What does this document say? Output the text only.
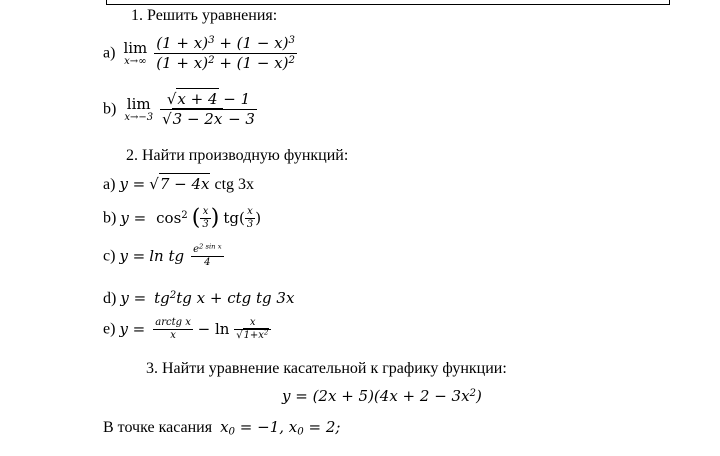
1. Решить уравнения:
a) lim
x→∞
$\frac{(1 + x)^3 + (1 - x)^3}{(1 + x)^2 + (1 - x)^2}$
b) lim
x→−3
$\frac{√x + 4 - 1}{√3 - 2x - 3}$
2. Найти производную функций:
a) y = √7 − 4x ctg 3x
b) $y = \cos^2$ ( $\frac{x}{3}$ ) $tg( \frac{x}{3}$ )
c) y = ln tg $\frac{e^{2 sin x}}{4}$
d) $y = tg^2tg$ x + ctg tg 3x
e) $y = \frac{\text{arctg x}}{x} - \ln \frac{x}{√1+x^2}$
3. Найти уравнение касательной к графику функции:
$y = (2x + 5)(4x + 2 - 3x^2)$
В точке касания $x_0 = -1$, $x_0 = 2$;
